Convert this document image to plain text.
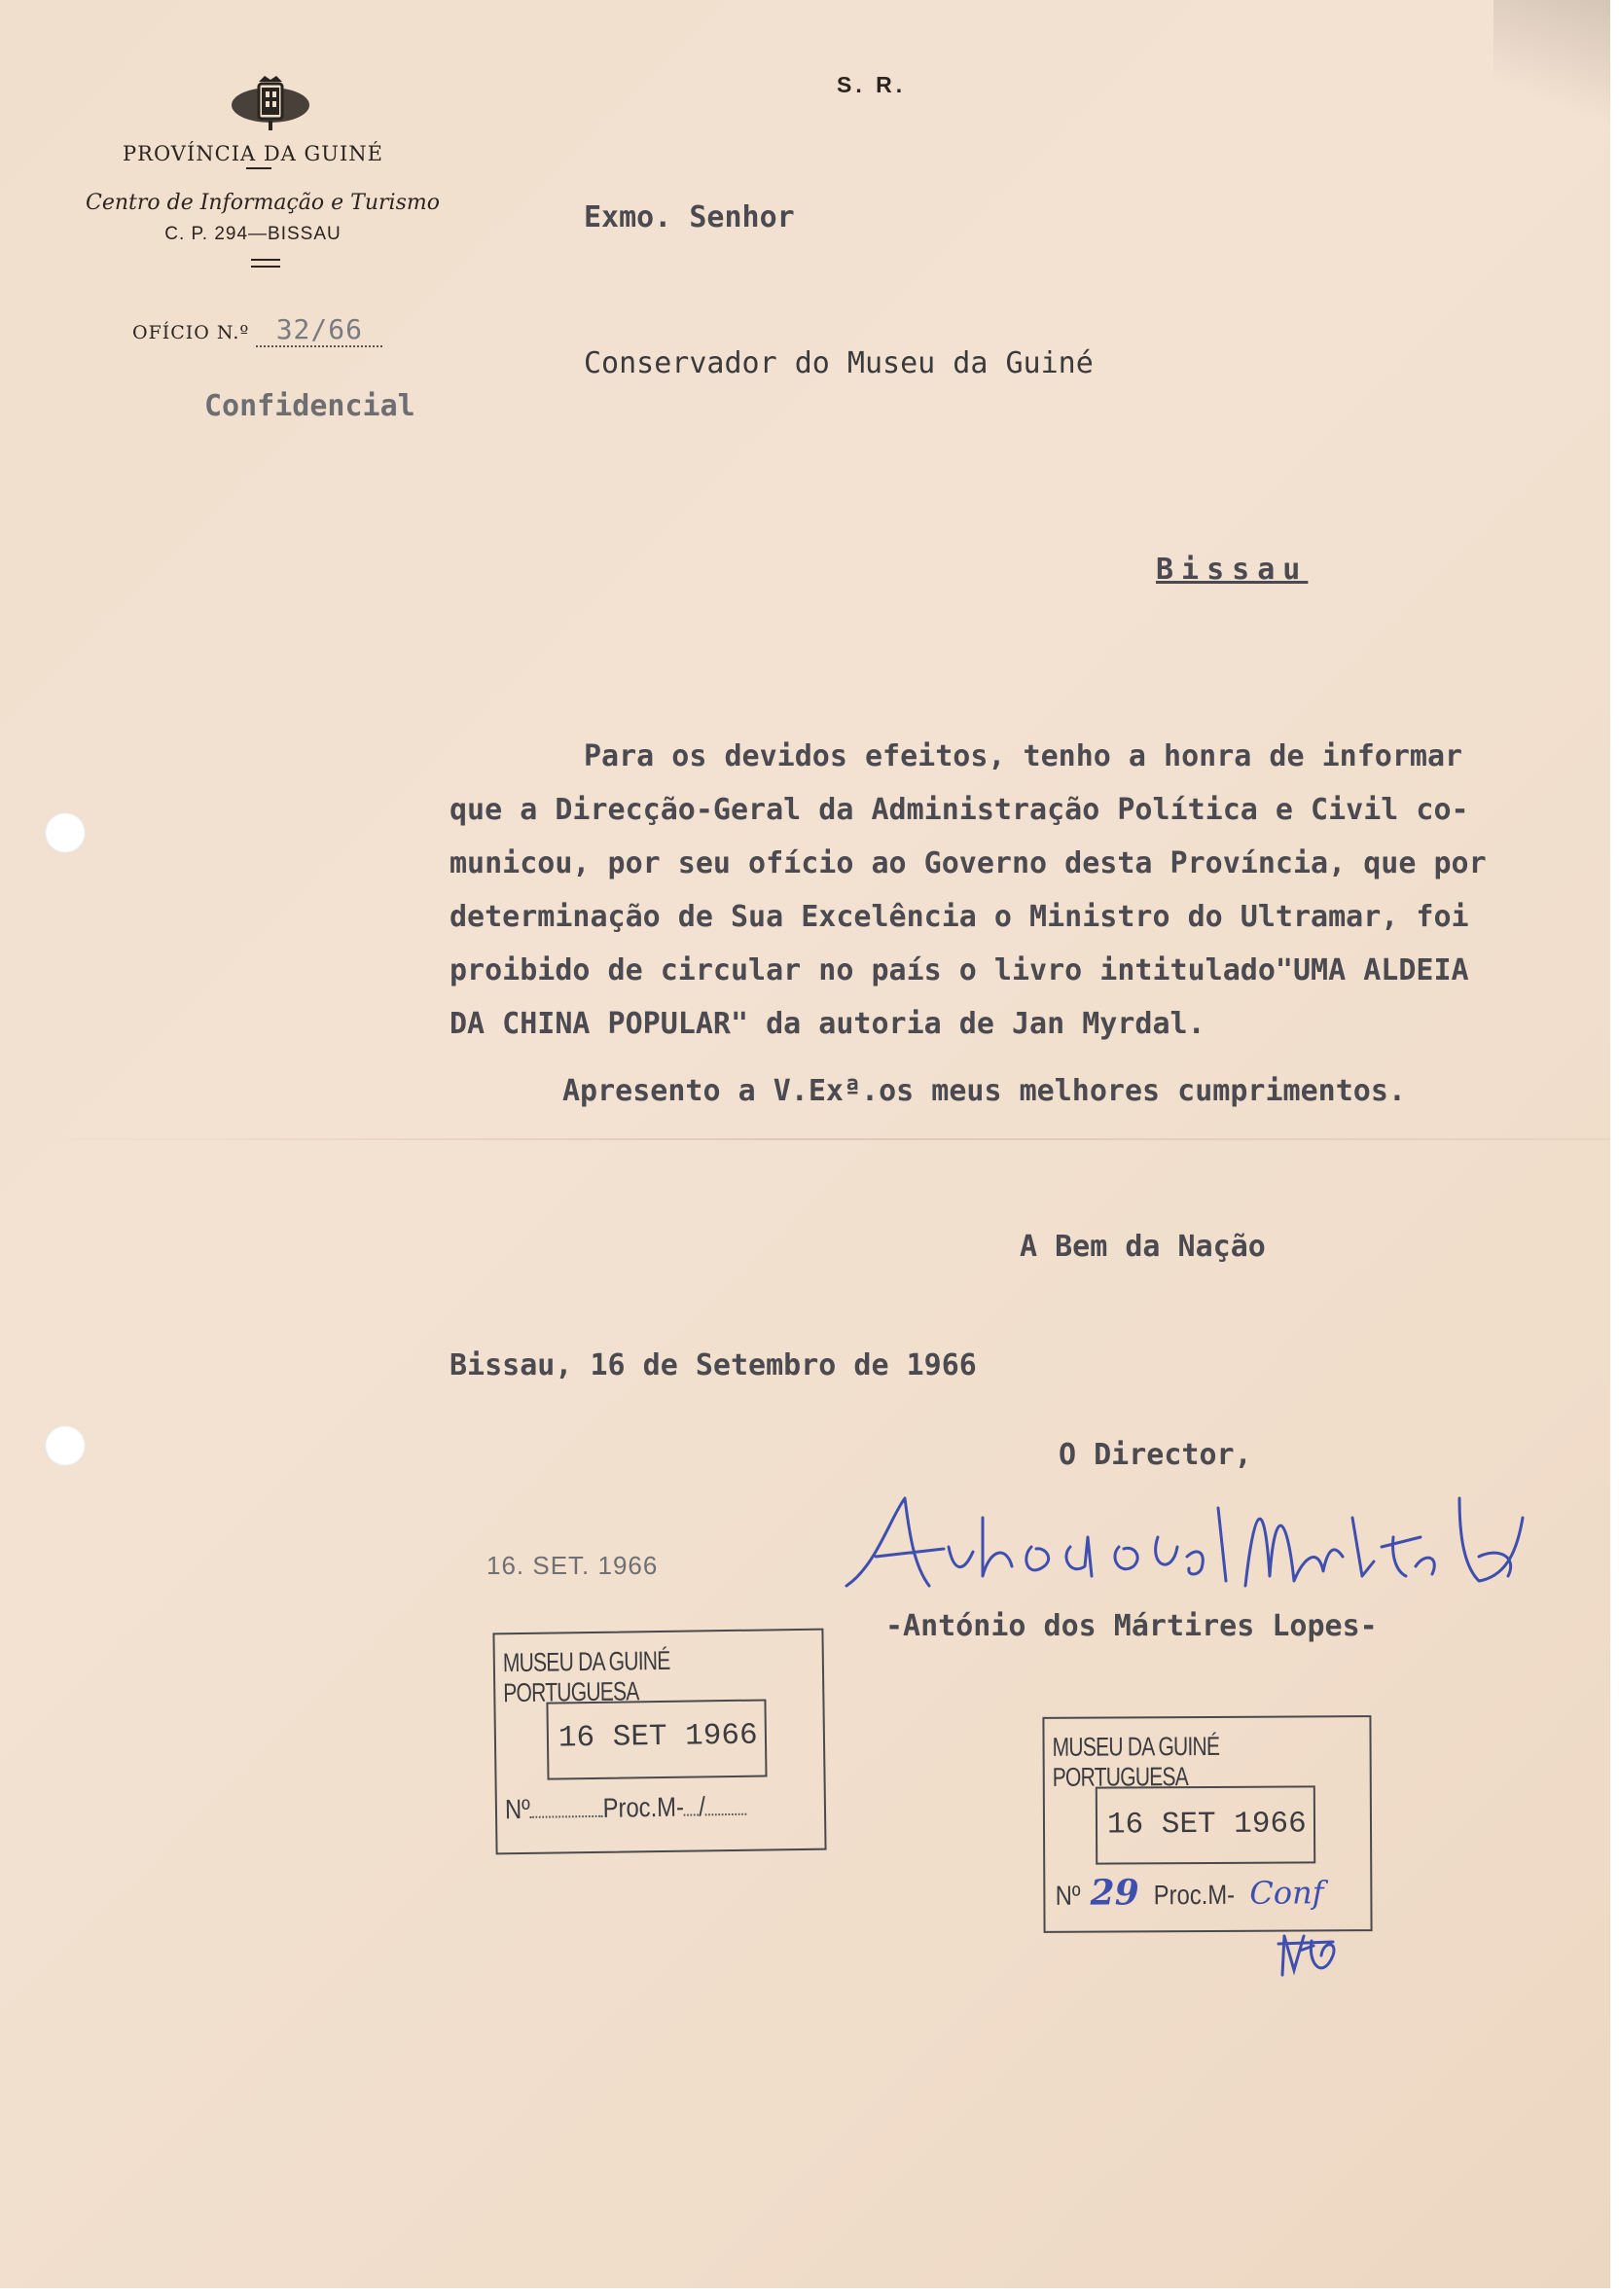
PROVÍNCIA DA GUINÉ
Centro de Informação e Turismo
C. P. 294—BISSAU
OFÍCIO N.º 32/66
Confidencial
S. R.
Exmo. Senhor
Conservador do Museu da Guiné
Bissau
Para os devidos efeitos, tenho a honra de informar
que a Direcção-Geral da Administração Política e Civil co-
municou, por seu ofício ao Governo desta Província, que por
determinação de Sua Excelência o Ministro do Ultramar, foi
proibido de circular no país o livro intitulado"UMA ALDEIA
DA CHINA POPULAR" da autoria de Jan Myrdal.
Apresento a V.Exª.os meus melhores cumprimentos.
A Bem da Nação
Bissau, 16 de Setembro de 1966
O Director,
-António dos Mártires Lopes-
16. SET. 1966
MUSEU DA GUINÉ PORTUGUESA
16 SET 1966
Nº	Proc.M- /
MUSEU DA GUINÉ PORTUGUESA
16 SET 1966
Nº 29 Proc.M- Conf
